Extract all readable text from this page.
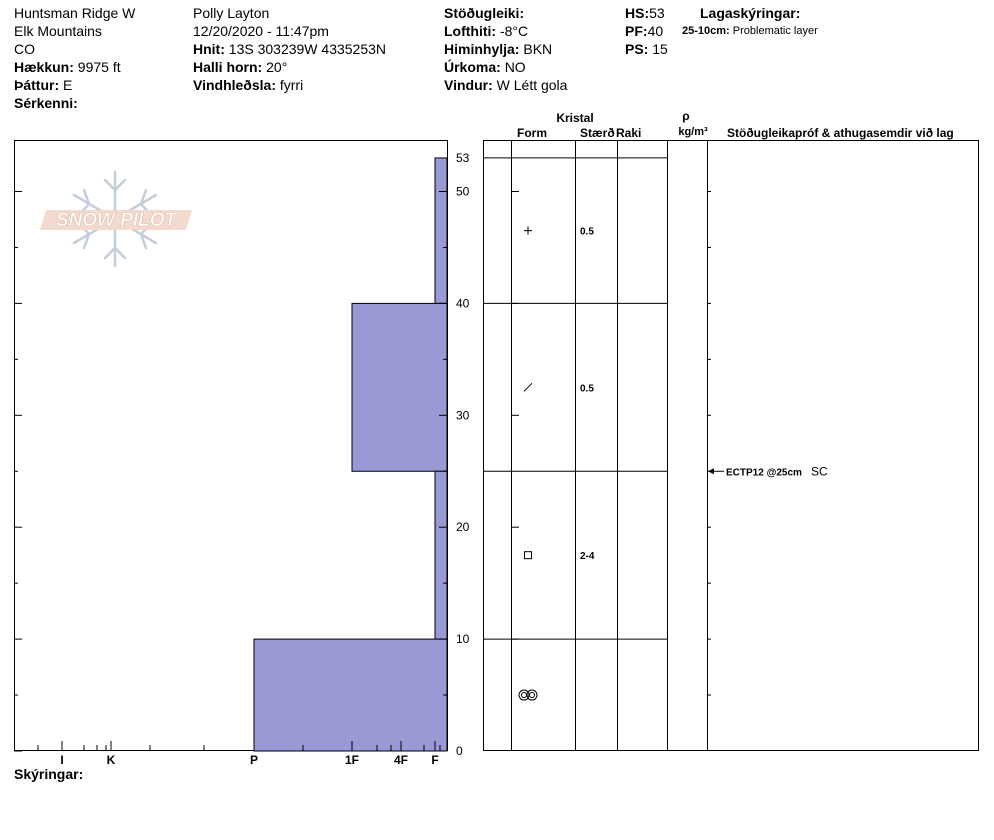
Huntsman Ridge W
Elk Mountains
CO
Hækkun: 9975 ft
Þáttur: E
Sérkenni:
Polly Layton
12/20/2020 - 11:47pm
Hnit: 13S 303239W 4335253N
Halli horn: 20°
Vindhleðsla: fyrri
Stöðugleiki:
Lofthiti: -8°C
Himinhylja: BKN
Úrkoma: NO
Vindur: W Létt gola
HS:53
PF:40
PS: 15
Lagaskýringar:
25-10cm: Problematic layer
Skýringar:
SNOW PILOT
0
10
20
30
40
50
53
I	K	P	1F	4F F
Kristal
Form	Stærð Raki
ρ
kg/m³ Stöðugleikapróf & athugasemdir við lag
0.5
0.5
2-4
ECTP12 @25cm SC
